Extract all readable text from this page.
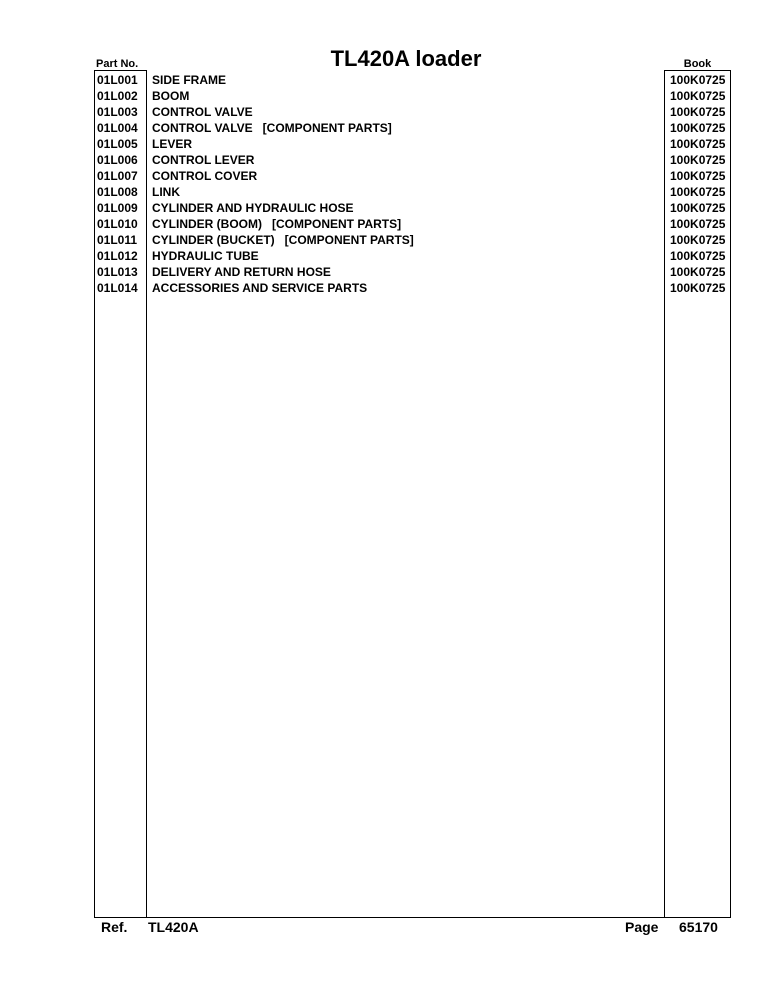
Part No.	TL420A loader	Book
01L001 SIDE FRAME	100K0725
01L002 BOOM	100K0725
01L003 CONTROL VALVE	100K0725
01L004 CONTROL VALVE   [COMPONENT PARTS]	100K0725
01L005 LEVER	100K0725
01L006 CONTROL LEVER	100K0725
01L007 CONTROL COVER	100K0725
01L008 LINK	100K0725
01L009 CYLINDER AND HYDRAULIC HOSE	100K0725
01L010 CYLINDER (BOOM)   [COMPONENT PARTS]	100K0725
01L011 CYLINDER (BUCKET)   [COMPONENT PARTS]	100K0725
01L012 HYDRAULIC TUBE	100K0725
01L013 DELIVERY AND RETURN HOSE	100K0725
01L014 ACCESSORIES AND SERVICE PARTS	100K0725
Ref. TL420A	Page 65170
